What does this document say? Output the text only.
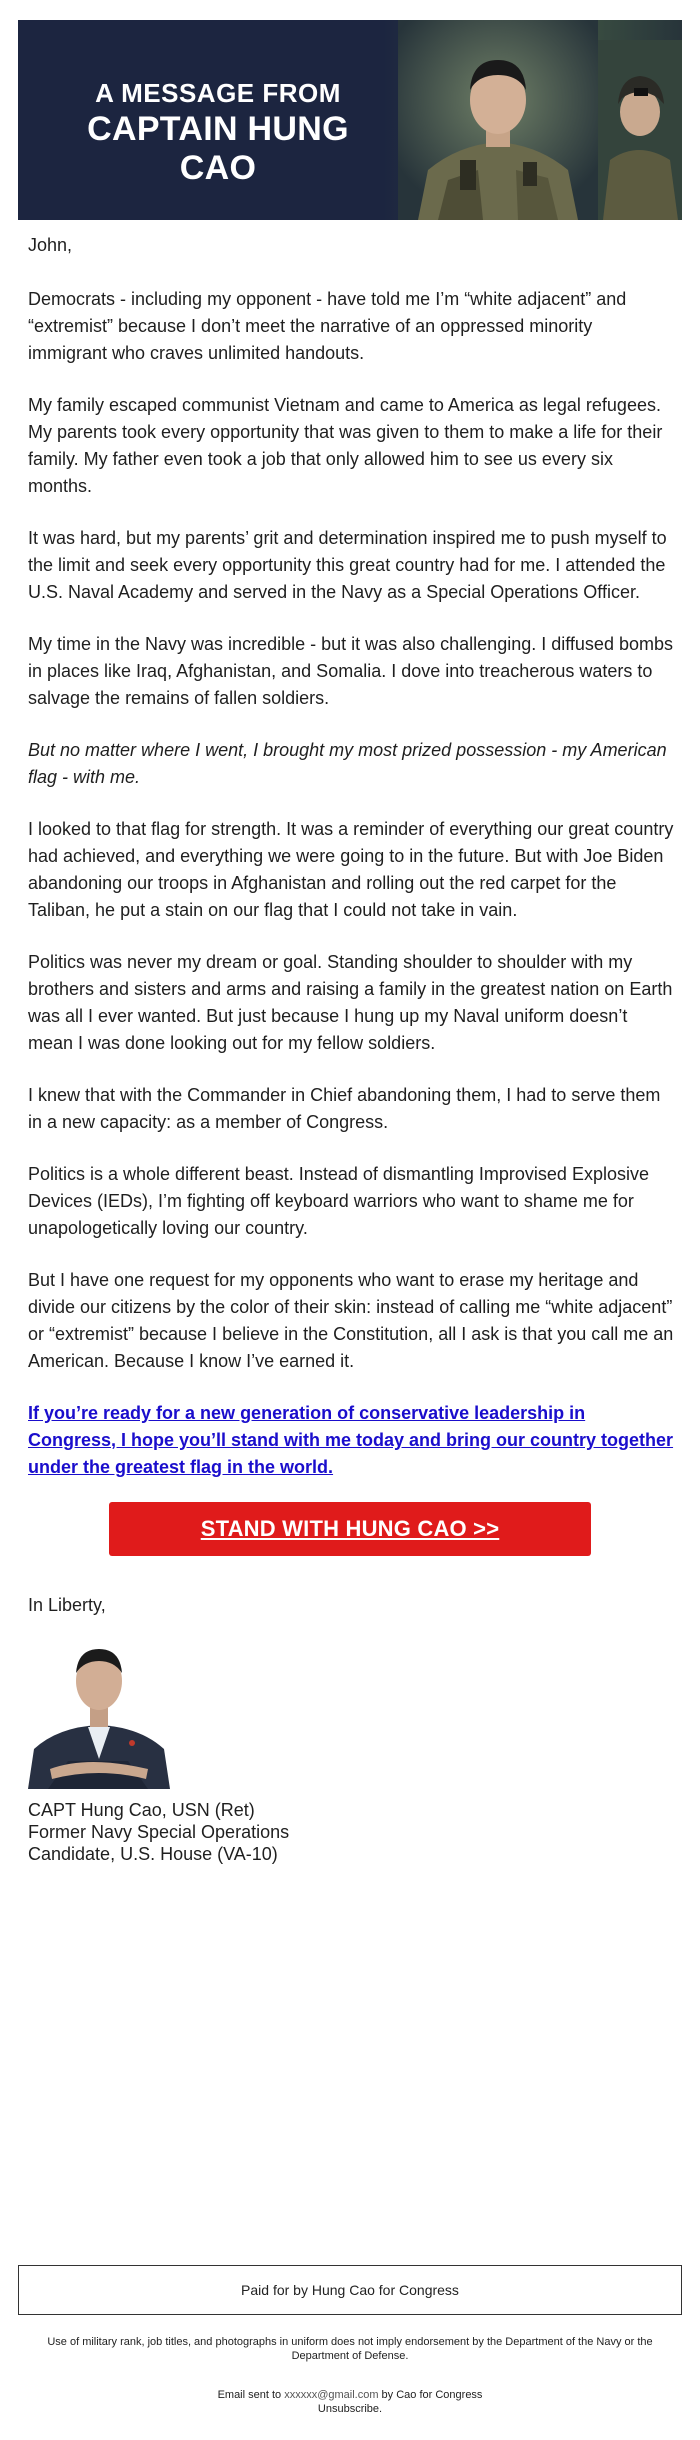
A MESSAGE FROM
CAPTAIN HUNG CAO

John,

Democrats - including my opponent - have told me I’m “white adjacent” and “extremist” because I don’t meet the narrative of an oppressed minority immigrant who craves unlimited handouts.

My family escaped communist Vietnam and came to America as legal refugees. My parents took every opportunity that was given to them to make a life for their family. My father even took a job that only allowed him to see us every six months.

It was hard, but my parents’ grit and determination inspired me to push myself to the limit and seek every opportunity this great country had for me. I attended the U.S. Naval Academy and served in the Navy as a Special Operations Officer.

My time in the Navy was incredible - but it was also challenging. I diffused bombs in places like Iraq, Afghanistan, and Somalia. I dove into treacherous waters to salvage the remains of fallen soldiers.

But no matter where I went, I brought my most prized possession - my American flag - with me.

I looked to that flag for strength. It was a reminder of everything our great country had achieved, and everything we were going to in the future. But with Joe Biden abandoning our troops in Afghanistan and rolling out the red carpet for the Taliban, he put a stain on our flag that I could not take in vain.

Politics was never my dream or goal. Standing shoulder to shoulder with my brothers and sisters and arms and raising a family in the greatest nation on Earth was all I ever wanted. But just because I hung up my Naval uniform doesn’t mean I was done looking out for my fellow soldiers.

I knew that with the Commander in Chief abandoning them, I had to serve them in a new capacity: as a member of Congress.

Politics is a whole different beast. Instead of dismantling Improvised Explosive Devices (IEDs), I’m fighting off keyboard warriors who want to shame me for unapologetically loving our country.

But I have one request for my opponents who want to erase my heritage and divide our citizens by the color of their skin: instead of calling me “white adjacent” or “extremist” because I believe in the Constitution, all I ask is that you call me an American. Because I know I’ve earned it.

If you’re ready for a new generation of conservative leadership in Congress, I hope you’ll stand with me today and bring our country together under the greatest flag in the world.
STAND WITH HUNG CAO >>
In Liberty,
CAPT Hung Cao, USN (Ret)
Former Navy Special Operations
Candidate, U.S. House (VA-10)
Paid for by Hung Cao for Congress
Use of military rank, job titles, and photographs in uniform does not imply endorsement by the Department of the Navy or the Department of Defense.
Email sent to xxxxxx@gmail.com by Cao for Congress
Unsubscribe.
